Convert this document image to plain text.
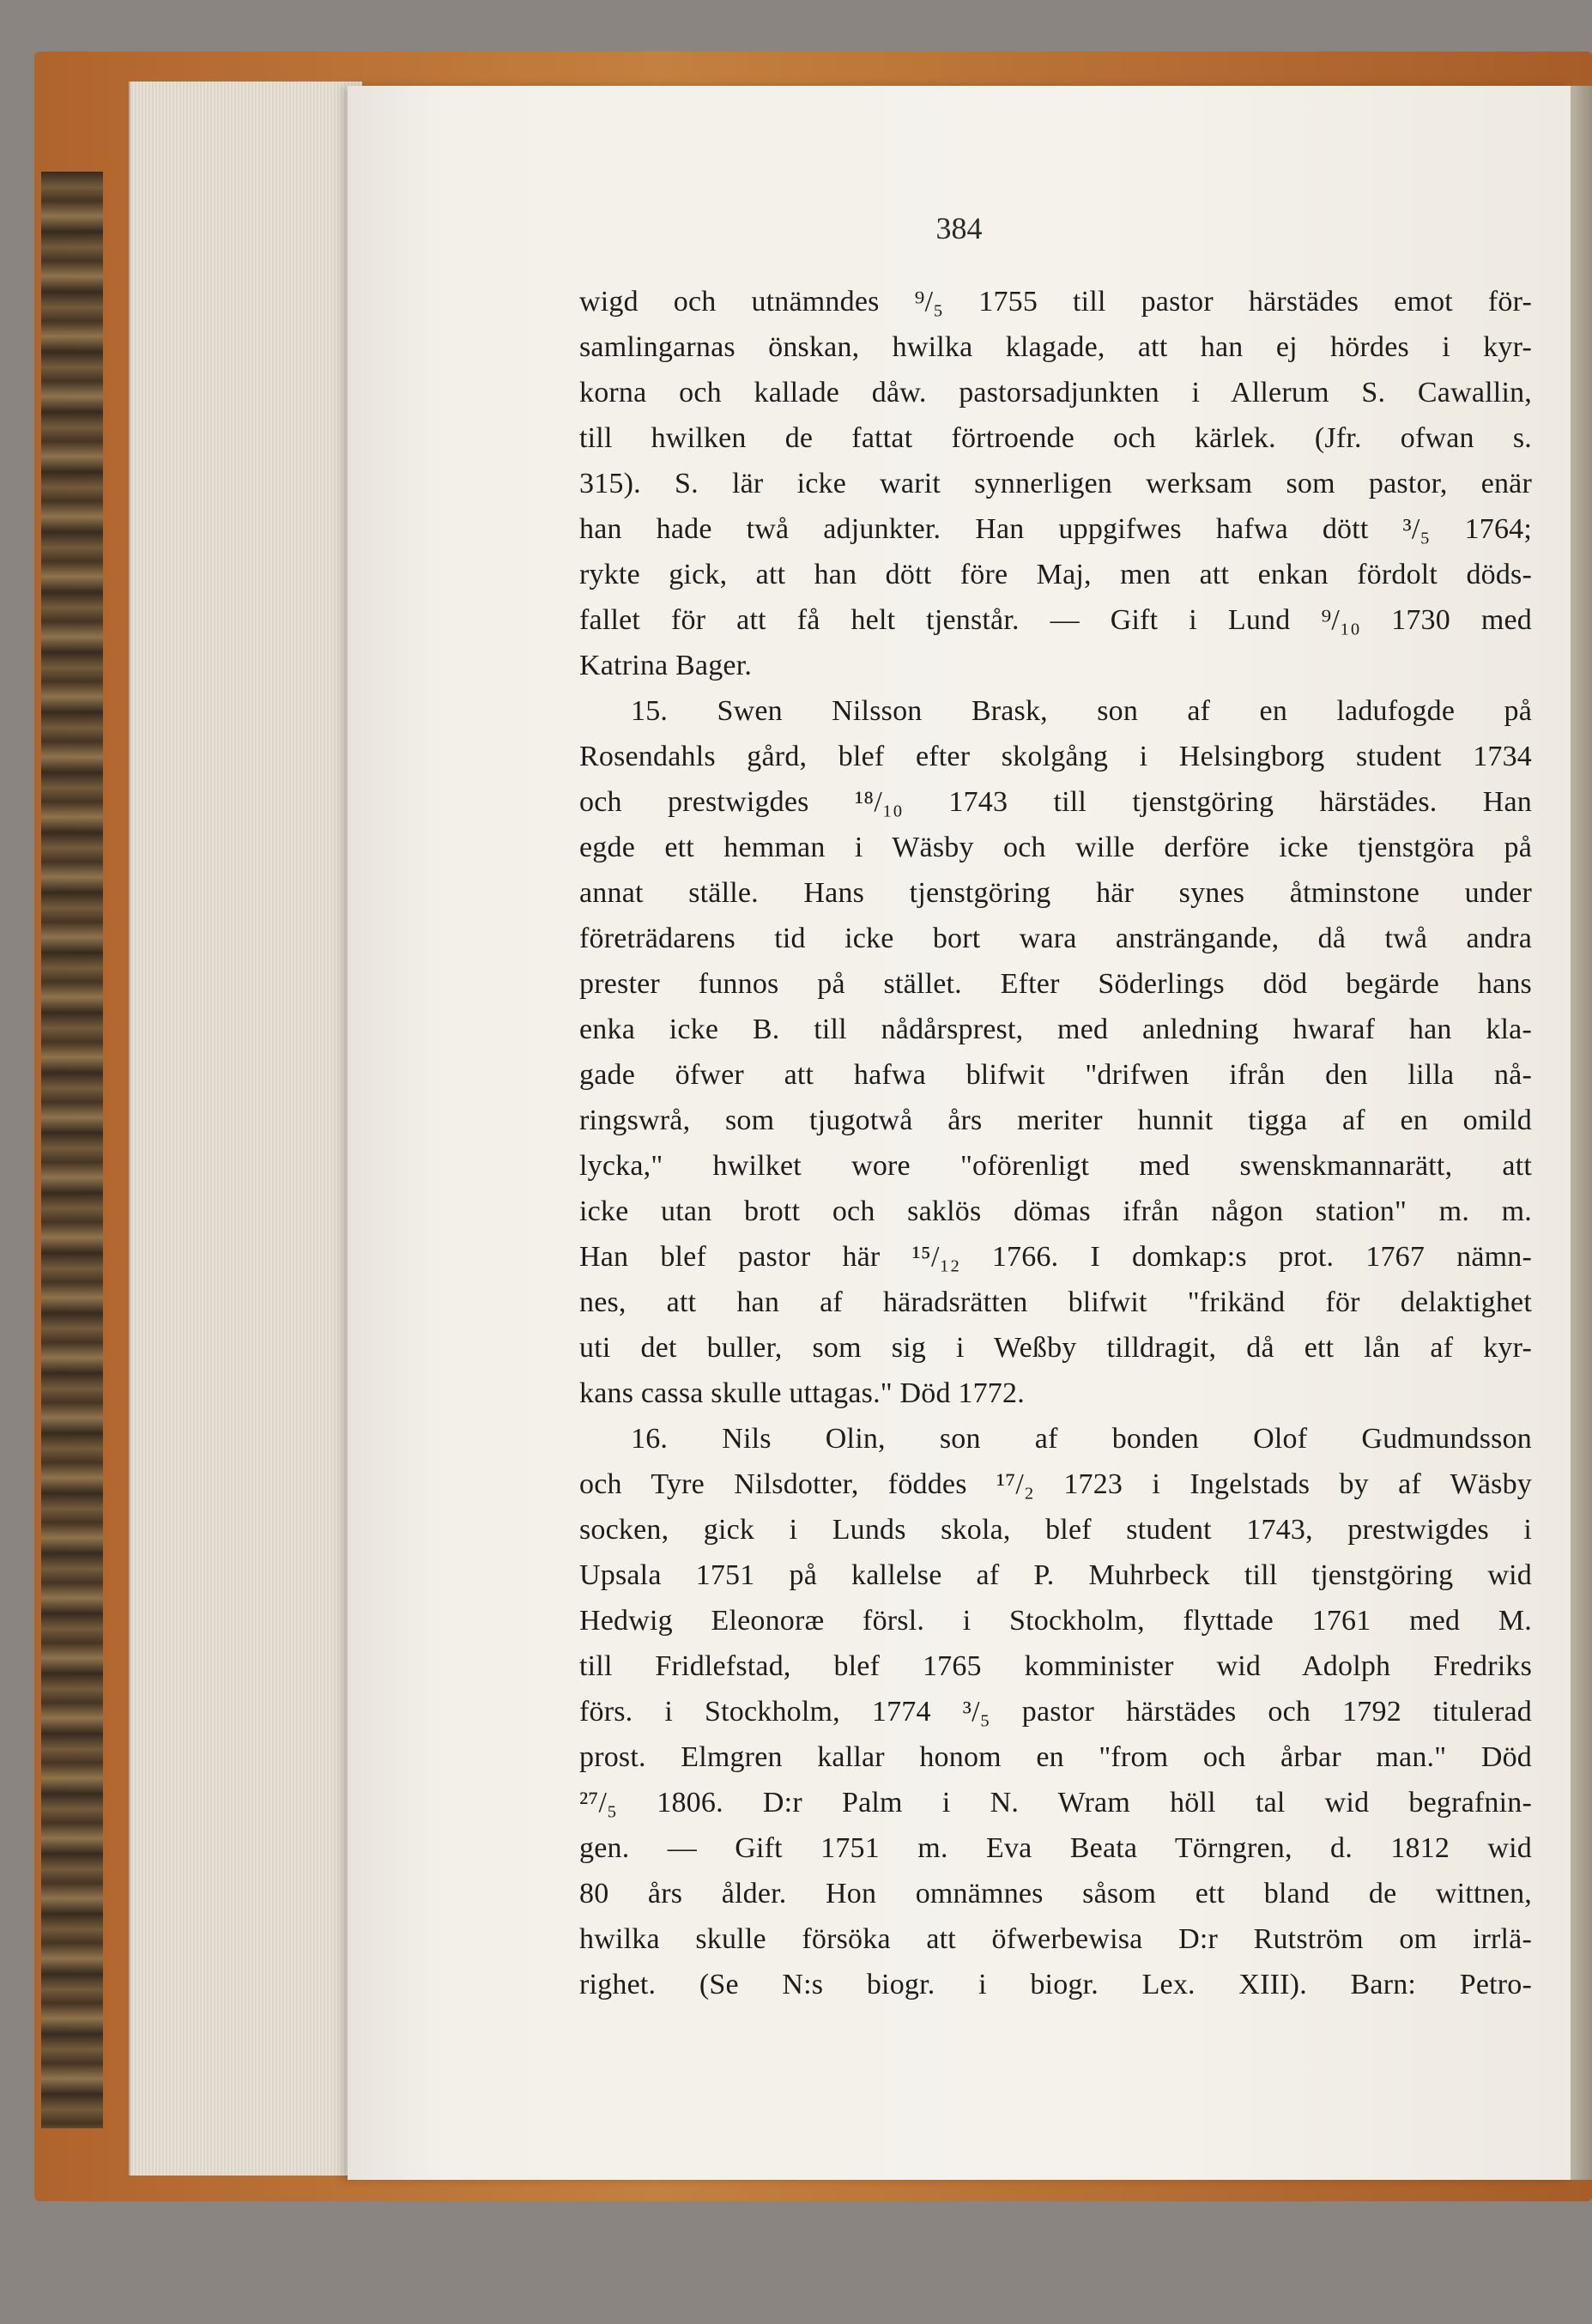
384
wigd och utnämndes ⁹/₅ 1755 till pastor härstädes emot för-
samlingarnas önskan, hwilka klagade, att han ej hördes i kyr-
korna och kallade dåw. pastorsadjunkten i Allerum S. Cawallin,
till hwilken de fattat förtroende och kärlek. (Jfr. ofwan s.
315). S. lär icke warit synnerligen werksam som pastor, enär
han hade twå adjunkter. Han uppgifwes hafwa dött ³/₅ 1764;
rykte gick, att han dött före Maj, men att enkan fördolt döds-
fallet för att få helt tjenstår. — Gift i Lund ⁹/₁₀ 1730 med
Katrina Bager.
15. Swen Nilsson Brask, son af en ladufogde på
Rosendahls gård, blef efter skolgång i Helsingborg student 1734
och prestwigdes ¹⁸/₁₀ 1743 till tjenstgöring härstädes. Han
egde ett hemman i Wäsby och wille derföre icke tjenstgöra på
annat ställe. Hans tjenstgöring här synes åtminstone under
företrädarens tid icke bort wara ansträngande, då twå andra
prester funnos på stället. Efter Söderlings död begärde hans
enka icke B. till nådårsprest, med anledning hwaraf han kla-
gade öfwer att hafwa blifwit "drifwen ifrån den lilla nå-
ringswrå, som tjugotwå års meriter hunnit tigga af en omild
lycka," hwilket wore "oförenligt med swenskmannarätt, att
icke utan brott och saklös dömas ifrån någon station" m. m.
Han blef pastor här ¹⁵/₁₂ 1766. I domkap:s prot. 1767 nämn-
nes, att han af häradsrätten blifwit "frikänd för delaktighet
uti det buller, som sig i Weßby tilldragit, då ett lån af kyr-
kans cassa skulle uttagas." Död 1772.
16. Nils Olin, son af bonden Olof Gudmundsson
och Tyre Nilsdotter, föddes ¹⁷/₂ 1723 i Ingelstads by af Wäsby
socken, gick i Lunds skola, blef student 1743, prestwigdes i
Upsala 1751 på kallelse af P. Muhrbeck till tjenstgöring wid
Hedwig Eleonoræ försl. i Stockholm, flyttade 1761 med M.
till Fridlefstad, blef 1765 komminister wid Adolph Fredriks
förs. i Stockholm, 1774 ³/₅ pastor härstädes och 1792 titulerad
prost. Elmgren kallar honom en "from och årbar man." Död
²⁷/₅ 1806. D:r Palm i N. Wram höll tal wid begrafnin-
gen. — Gift 1751 m. Eva Beata Törngren, d. 1812 wid
80 års ålder. Hon omnämnes såsom ett bland de wittnen,
hwilka skulle försöka att öfwerbewisa D:r Rutström om irrlä-
righet. (Se N:s biogr. i biogr. Lex. XIII). Barn: Petro-
